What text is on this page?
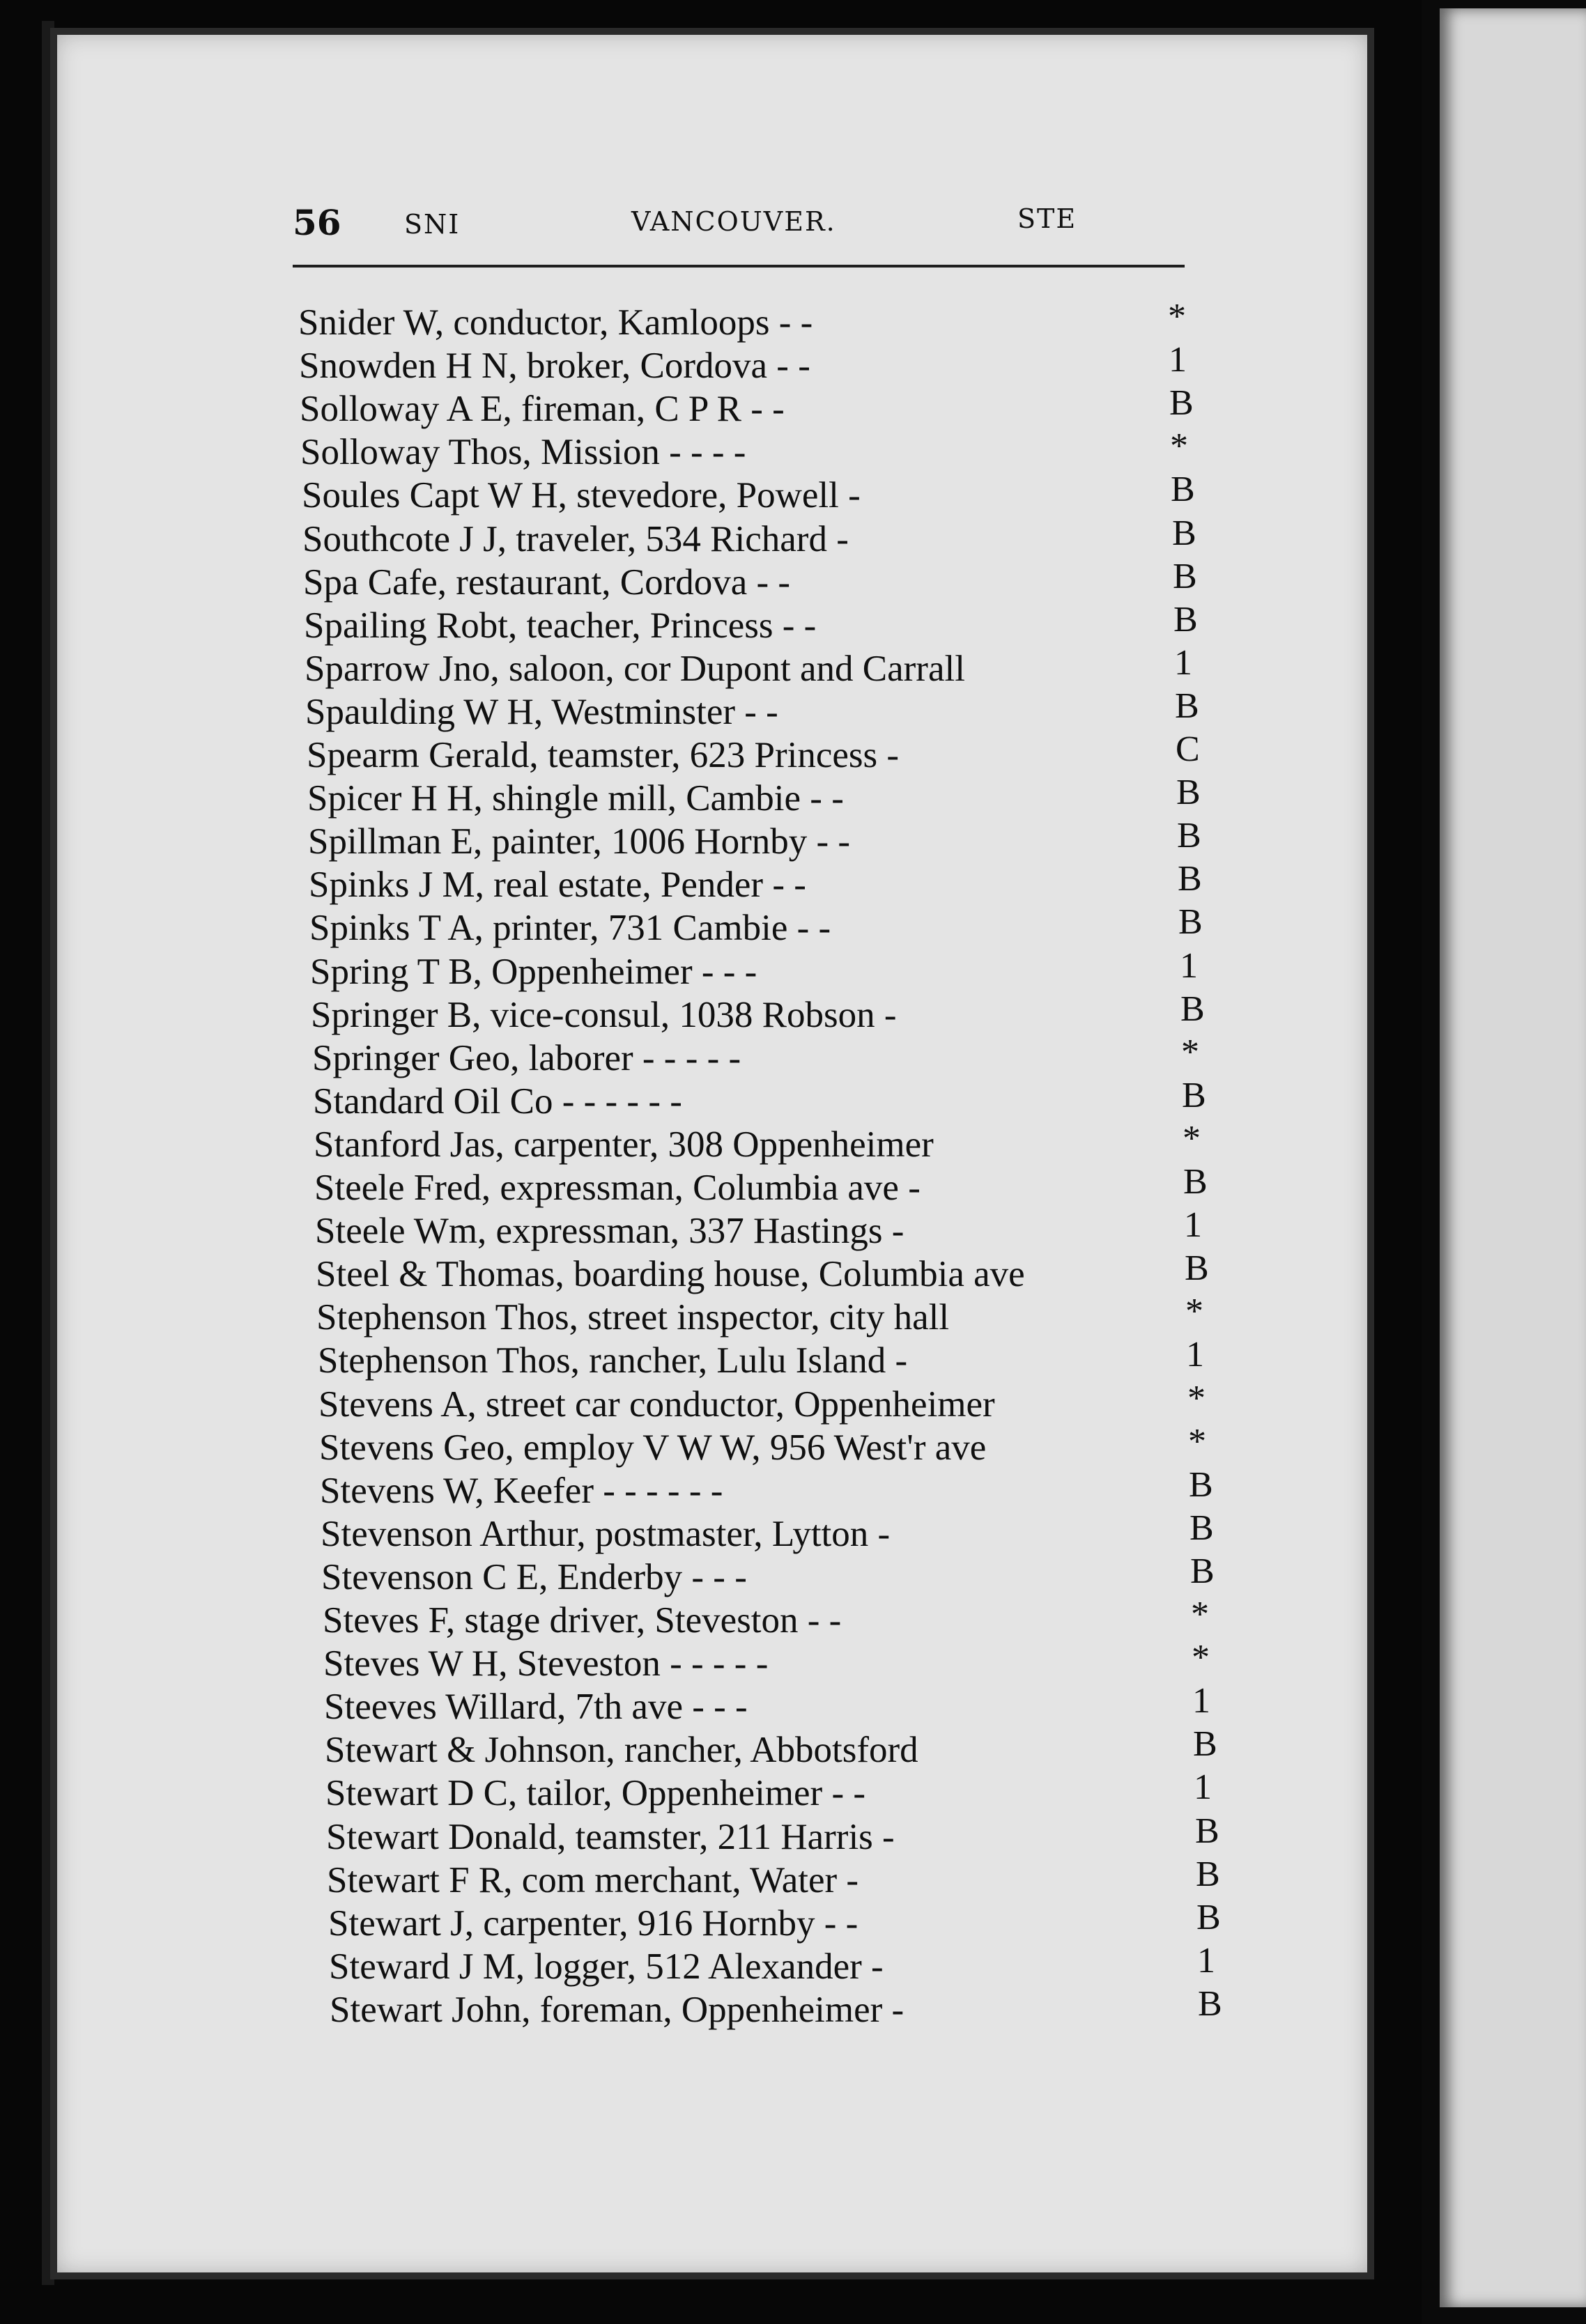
56 SNI	VANCOUVER.	STE
Snider W, conductor, Kamloops - -	*
Snowden H N, broker, Cordova - -	1
Solloway A E, fireman, C P R - -	B
Solloway Thos, Mission - - - -	*
Soules Capt W H, stevedore, Powell -	B
Southcote J J, traveler, 534 Richard -	B
Spa Cafe, restaurant, Cordova - -	B
Spailing Robt, teacher, Princess - -	B
Sparrow Jno, saloon, cor Dupont and Carrall	1
Spaulding W H, Westminster - -	B
Spearm Gerald, teamster, 623 Princess -	C
Spicer H H, shingle mill, Cambie - -	B
Spillman E, painter, 1006 Hornby - -	B
Spinks J M, real estate, Pender - -	B
Spinks T A, printer, 731 Cambie - -	B
Spring T B, Oppenheimer - - -	1
Springer B, vice-consul, 1038 Robson -	B
Springer Geo, laborer - - - - -	*
Standard Oil Co - - - - - -	B
Stanford Jas, carpenter, 308 Oppenheimer	*
Steele Fred, expressman, Columbia ave -	B
Steele Wm, expressman, 337 Hastings -	1
Steel & Thomas, boarding house, Columbia ave	B
Stephenson Thos, street inspector, city hall	*
Stephenson Thos, rancher, Lulu Island -	1
Stevens A, street car conductor, Oppenheimer	*
Stevens Geo, employ V W W, 956 West'r ave	*
Stevens W, Keefer - - - - - -	B
Stevenson Arthur, postmaster, Lytton -	B
Stevenson C E, Enderby - - -	B
Steves F, stage driver, Steveston - -	*
Steves W H, Steveston - - - - -	*
Steeves Willard, 7th ave - - -	1
Stewart & Johnson, rancher, Abbotsford	B
Stewart D C, tailor, Oppenheimer - -	1
Stewart Donald, teamster, 211 Harris -	B
Stewart F R, com merchant, Water -	B
Stewart J, carpenter, 916 Hornby - -	B
Steward J M, logger, 512 Alexander -	1
Stewart John, foreman, Oppenheimer -	B
